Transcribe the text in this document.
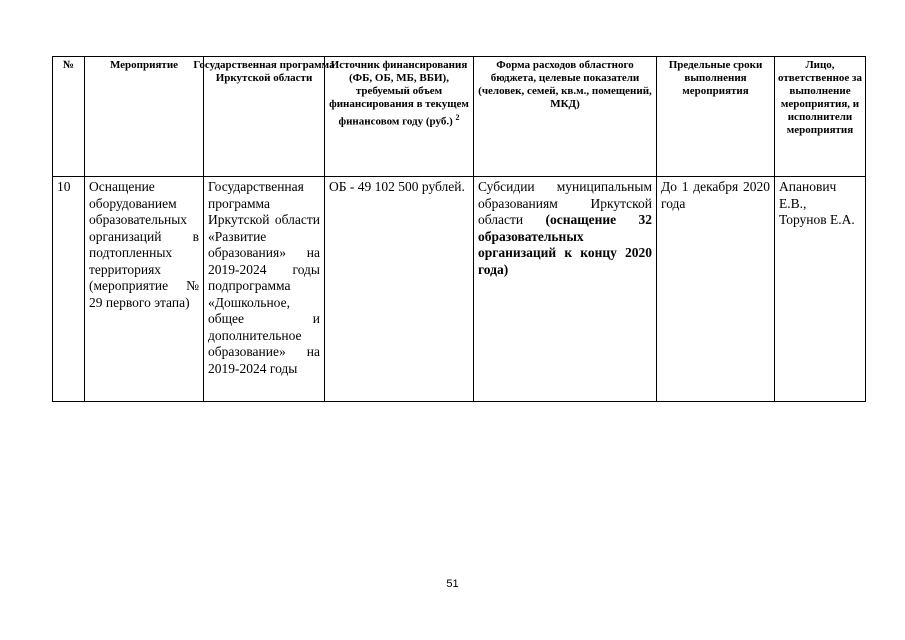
№	Мероприятие	Государственная программа Иркутской области	Источник финансирования (ФБ, ОБ, МБ, ВБИ), требуемый объем финансирования в текущем финансовом году (руб.) $^2$	Форма расходов областного бюджета, целевые показатели (человек, семей, кв.м., помещений, МКД)	Предельные сроки выполнения мероприятия	Лицо, ответственное за выполнение мероприятия, и исполнители мероприятия
10	Оснащение оборудованием образовательных организаций в подтопленных территориях (мероприятие № 29 первого этапа)	Государственная программа Иркутской области «Развитие образования» на 2019-2024 годы подпрограмма «Дошкольное, общее и дополнительное образование» на 2019-2024 годы	ОБ - 49 102 500 рублей.	Субсидии муниципальным образованиям Иркутской области (оснащение 32 образовательных организаций к концу 2020 года)	До 1 декабря 2020 года	Апанович Е.В.,
Торунов Е.А.
51
